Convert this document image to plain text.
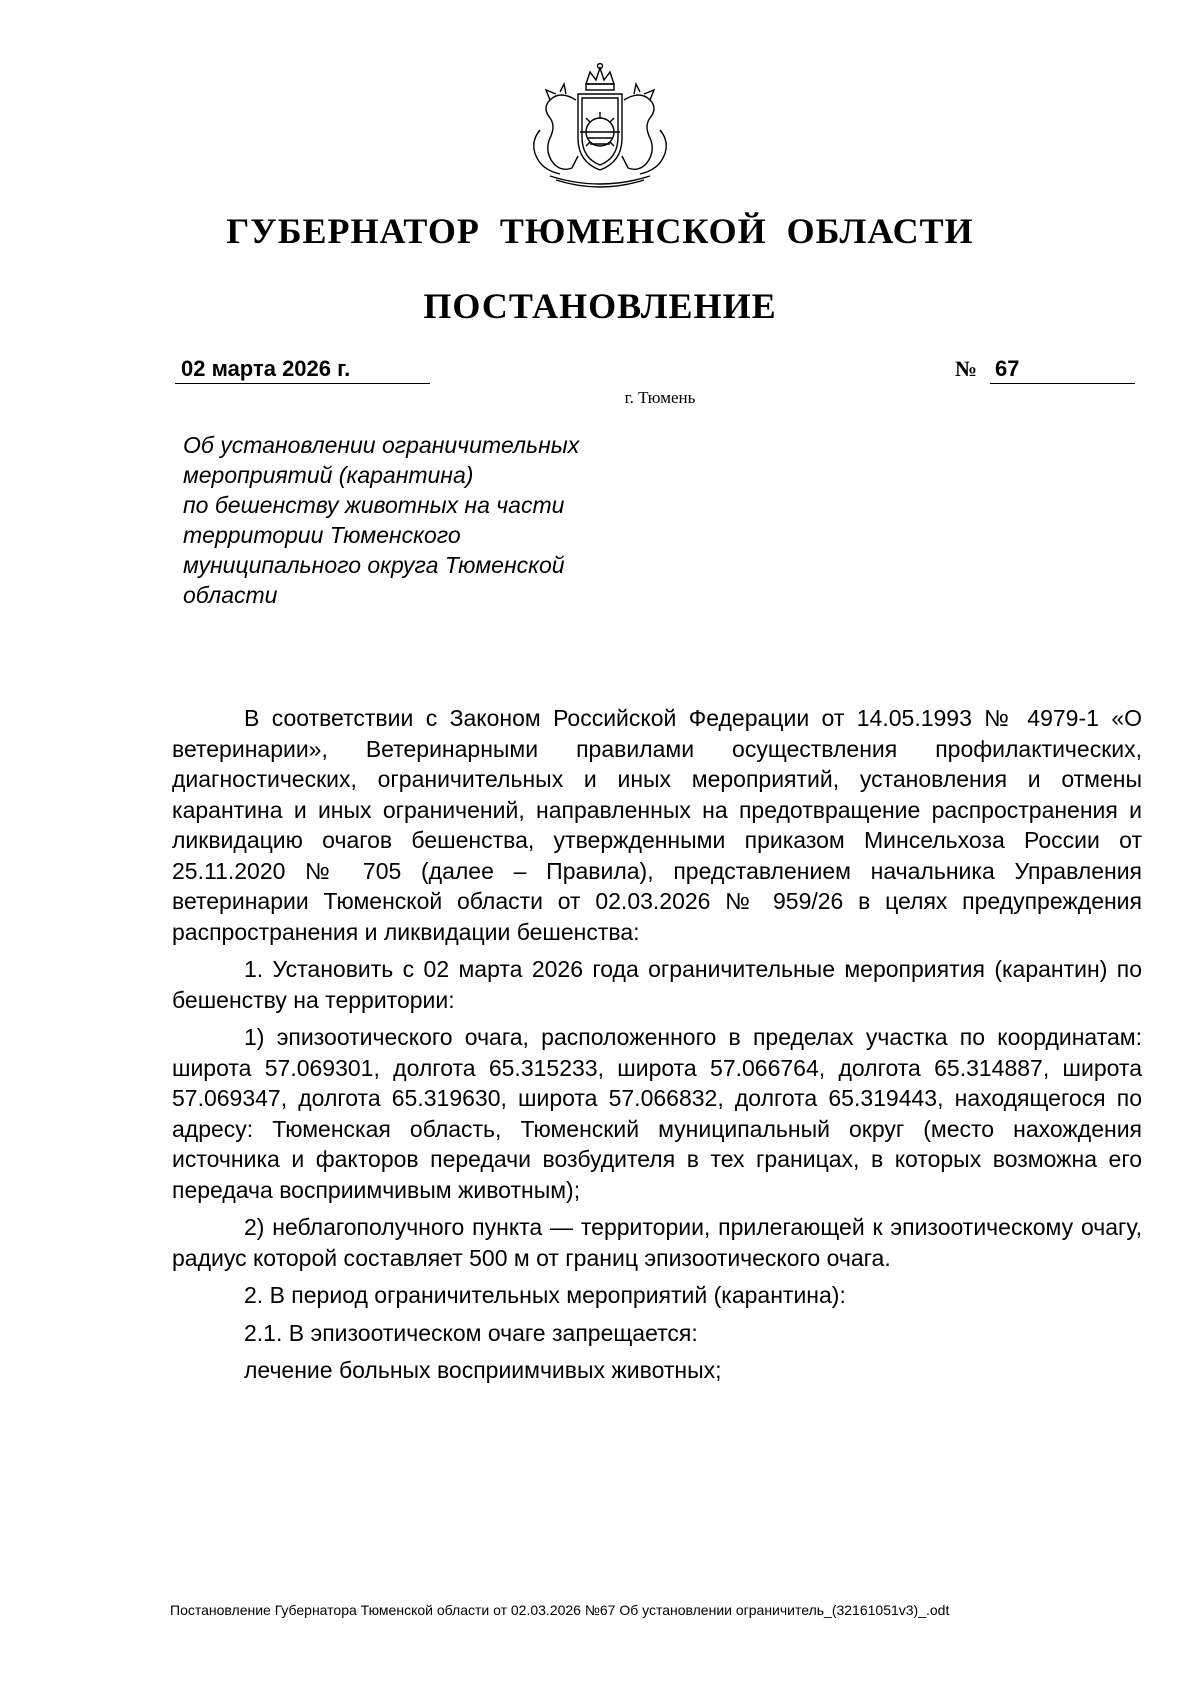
ГУБЕРНАТОР ТЮМЕНСКОЙ ОБЛАСТИ
ПОСТАНОВЛЕНИЕ
02 марта 2026 г.	№ 67
г. Тюмень
Об установлении ограничительных
мероприятий (карантина)
по бешенству животных на части
территории Тюменского
муниципального округа Тюменской
области

В соответствии с Законом Российской Федерации от 14.05.1993 № 4979-1 «О ветеринарии», Ветеринарными правилами осуществления профилактических, диагностических, ограничительных и иных мероприятий, установления и отмены карантина и иных ограничений, направленных на предотвращение распространения и ликвидацию очагов бешенства, утвержденными приказом Минсельхоза России от 25.11.2020 № 705 (далее – Правила), представлением начальника Управления ветеринарии Тюменской области от 02.03.2026 № 959/26 в целях предупреждения распространения и ликвидации бешенства:

1. Установить с 02 марта 2026 года ограничительные мероприятия (карантин) по бешенству на территории:

1) эпизоотического очага, расположенного в пределах участка по координатам: широта 57.069301, долгота 65.315233, широта 57.066764, долгота 65.314887, широта 57.069347, долгота 65.319630, широта 57.066832, долгота 65.319443, находящегося по адресу: Тюменская область, Тюменский муниципальный округ (место нахождения источника и факторов передачи возбудителя в тех границах, в которых возможна его передача восприимчивым животным);

2) неблагополучного пункта — территории, прилегающей к эпизоотическому очагу, радиус которой составляет 500 м от границ эпизоотического очага.

2. В период ограничительных мероприятий (карантина):

2.1. В эпизоотическом очаге запрещается:

лечение больных восприимчивых животных;

Постановление Губернатора Тюменской области от 02.03.2026 №67 Об установлении ограничитель_(32161051v3)_.odt
